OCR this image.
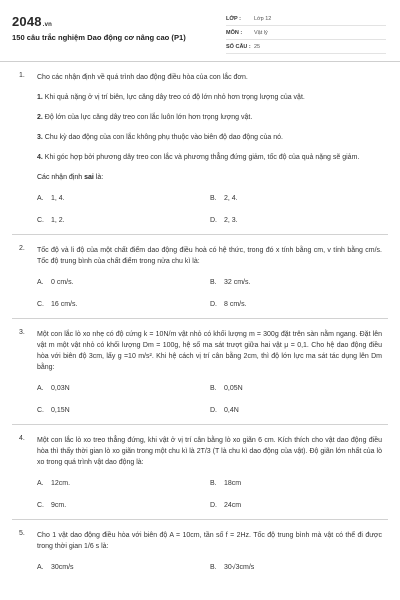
2048.vn
150 câu trắc nghiệm Dao động cơ nâng cao (P1)
LỚP :	Lớp 12
MÔN :	Vật lý
SỐ CÂU : 25
1. Cho các nhận định về quá trình dao động điều hòa của con lắc đơn.
1. Khi quả nặng ở vị trí biên, lực căng dây treo có độ lớn nhỏ hơn trọng lượng của vật.
2. Độ lớn của lực căng dây treo con lắc luôn lớn hơn trọng lượng vật.
3. Chu kỳ dao động của con lắc không phụ thuộc vào biên độ dao động của nó.
4. Khi góc hợp bởi phương dây treo con lắc và phương thẳng đứng giảm, tốc độ của quả nặng sẽ giảm.
Các nhận định sai là:
A.	1, 4.	B.	2, 4.
C.	1, 2.	D.	2, 3.
2. Tốc độ và li độ của một chất điểm dao động điều hoà có hệ thức, trong đó x tính bằng cm, v tính bằng cm/s. Tốc độ trung bình của chất điểm trong nửa chu kì là:
A.	0 cm/s.	B.	32 cm/s.
C.	16 cm/s.	D.	8 cm/s.
3. Một con lắc lò xo nhẹ có độ cứng k = 10N/m vật nhỏ có khối lượng m = 300g đặt trên sàn nằm ngang. Đặt lên vật m một vật nhỏ có khối lượng Dm = 100g, hệ số ma sát trượt giữa hai vật μ = 0,1. Cho hệ dao động điều hòa với biên độ 3cm, lấy g =10 m/s². Khi hệ cách vị trí cân bằng 2cm, thì độ lớn lực ma sát tác dụng lên Dm bằng:
A.	0,03N	B.	0,05N
C.	0,15N	D.	0,4N
4. Một con lắc lò xo treo thẳng đứng, khi vật ở vị trí cân bằng lò xo giãn 6 cm. Kích thích cho vật dao động điều hòa thì thấy thời gian lò xo giãn trong một chu kì là 2T/3 (T là chu kì dao động của vật). Độ giãn lớn nhất của lò xo trong quá trình vật dao động là:
A.	12cm.	B.	18cm
C.	9cm.	D.	24cm
5. Cho 1 vật dao động điều hòa với biên độ A = 10cm, tần số f = 2Hz. Tốc độ trung bình mà vật có thể đi được trong thời gian 1/6 s là:
A.	30cm/s	B.	30√3cm/s
